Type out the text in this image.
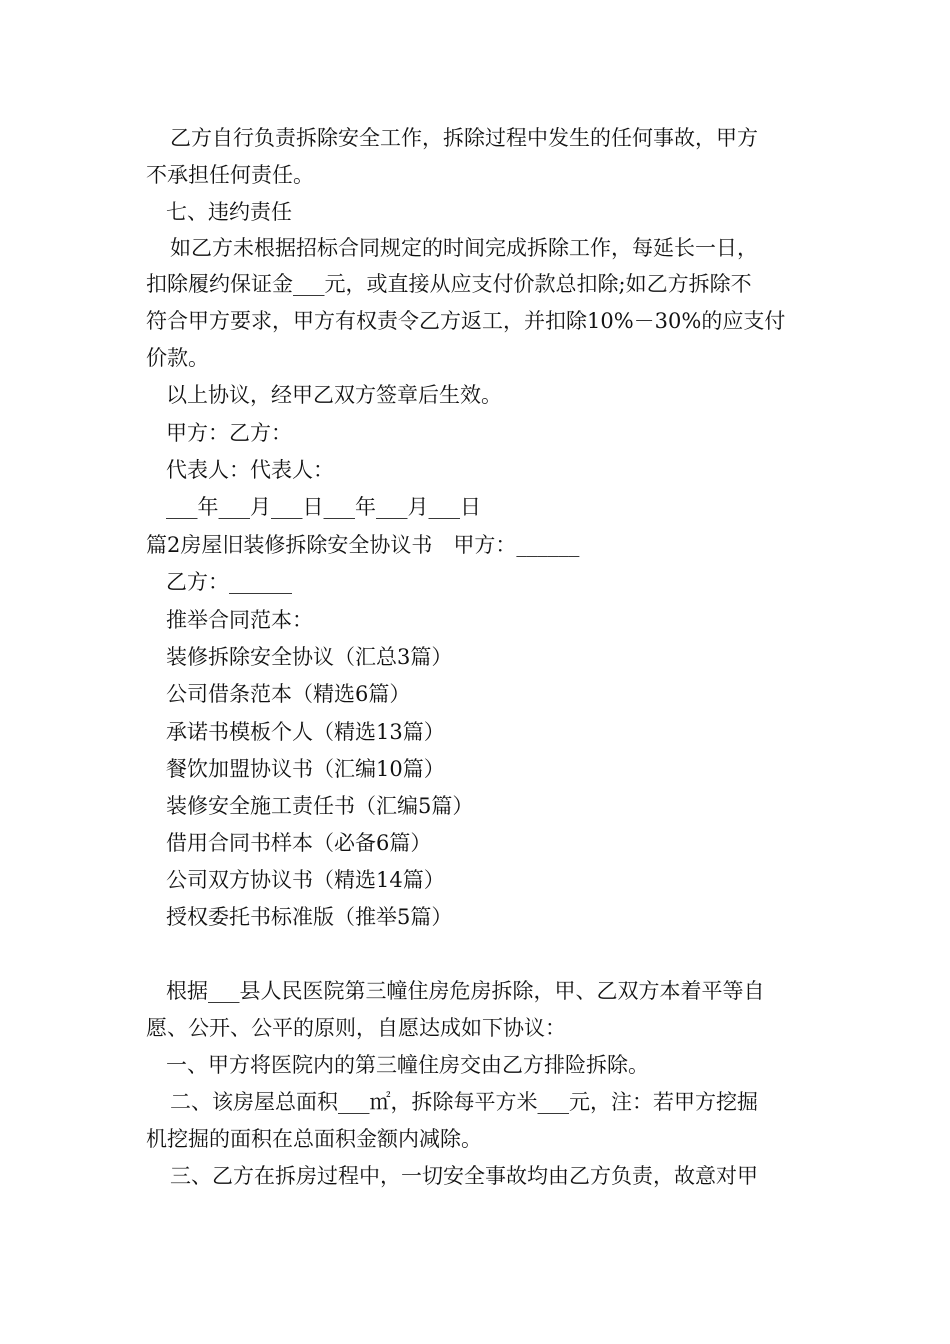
乙方自行负责拆除安全工作，拆除过程中发生的任何事故，甲方
不承担任何责任。
七、违约责任
如乙方未根据招标合同规定的时间完成拆除工作，每延长一日，
扣除履约保证金___元，或直接从应支付价款总扣除;如乙方拆除不
符合甲方要求，甲方有权责令乙方返工，并扣除10%－30%的应支付
价款。
以上协议，经甲乙双方签章后生效。
甲方：乙方：
代表人：代表人：
___年___月___日___年___月___日
篇2房屋旧装修拆除安全协议书　甲方：______
乙方：______
推举合同范本：
装修拆除安全协议（汇总3篇）
公司借条范本（精选6篇）
承诺书模板个人（精选13篇）
餐饮加盟协议书（汇编10篇）
装修安全施工责任书（汇编5篇）
借用合同书样本（必备6篇）
公司双方协议书（精选14篇）
授权委托书标准版（推举5篇）
根据___县人民医院第三幢住房危房拆除，甲、乙双方本着平等自
愿、公开、公平的原则，自愿达成如下协议：
一、甲方将医院内的第三幢住房交由乙方排险拆除。
二、该房屋总面积___㎡，拆除每平方米___元，注：若甲方挖掘
机挖掘的面积在总面积金额内减除。
三、乙方在拆房过程中，一切安全事故均由乙方负责，故意对甲
